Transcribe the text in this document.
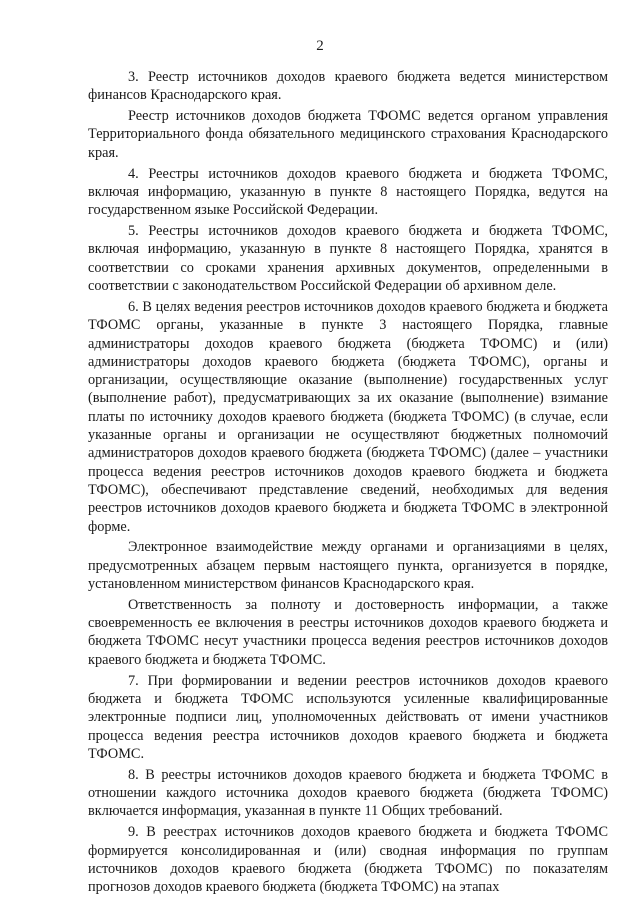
2

3. Реестр источников доходов краевого бюджета ведется министерством финансов Краснодарского края.

Реестр источников доходов бюджета ТФОМС ведется органом управления Территориального фонда обязательного медицинского страхования Краснодарского края.

4. Реестры источников доходов краевого бюджета и бюджета ТФОМС, включая информацию, указанную в пункте 8 настоящего Порядка, ведутся на государственном языке Российской Федерации.

5. Реестры источников доходов краевого бюджета и бюджета ТФОМС, включая информацию, указанную в пункте 8 настоящего Порядка, хранятся в соответствии со сроками хранения архивных документов, определенными в соответствии с законодательством Российской Федерации об архивном деле.

6. В целях ведения реестров источников доходов краевого бюджета и бюджета ТФОМС органы, указанные в пункте 3 настоящего Порядка, главные администраторы доходов краевого бюджета (бюджета ТФОМС) и (или) администраторы доходов краевого бюджета (бюджета ТФОМС), органы и организации, осуществляющие оказание (выполнение) государственных услуг (выполнение работ), предусматривающих за их оказание (выполнение) взимание платы по источнику доходов краевого бюджета (бюджета ТФОМС) (в случае, если указанные органы и организации не осуществляют бюджетных полномочий администраторов доходов краевого бюджета (бюджета ТФОМС) (далее – участники процесса ведения реестров источников доходов краевого бюджета и бюджета ТФОМС), обеспечивают представление сведений, необходимых для ведения реестров источников доходов краевого бюджета и бюджета ТФОМС в электронной форме.

Электронное взаимодействие между органами и организациями в целях, предусмотренных абзацем первым настоящего пункта, организуется в порядке, установленном министерством финансов Краснодарского края.

Ответственность за полноту и достоверность информации, а также своевременность ее включения в реестры источников доходов краевого бюджета и бюджета ТФОМС несут участники процесса ведения реестров источников доходов краевого бюджета и бюджета ТФОМС.

7. При формировании и ведении реестров источников доходов краевого бюджета и бюджета ТФОМС используются усиленные квалифицированные электронные подписи лиц, уполномоченных действовать от имени участников процесса ведения реестра источников доходов краевого бюджета и бюджета ТФОМС.

8. В реестры источников доходов краевого бюджета и бюджета ТФОМС в отношении каждого источника доходов краевого бюджета (бюджета ТФОМС) включается информация, указанная в пункте 11 Общих требований.

9. В реестрах источников доходов краевого бюджета и бюджета ТФОМС формируется консолидированная и (или) сводная информация по группам источников доходов краевого бюджета (бюджета ТФОМС) по показателям прогнозов доходов краевого бюджета (бюджета ТФОМС) на этапах
